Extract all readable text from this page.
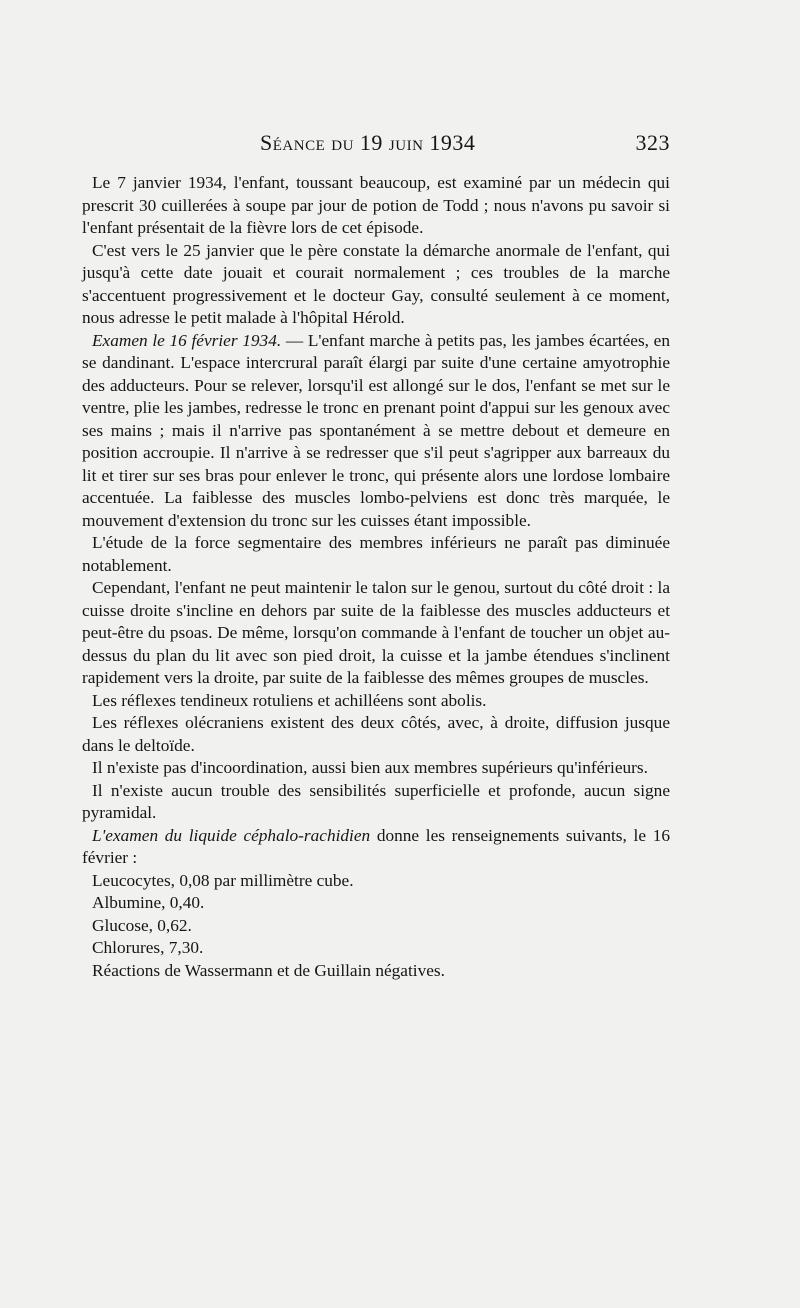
Séance du 19 juin 1934	323

Le 7 janvier 1934, l'enfant, toussant beaucoup, est examiné par un médecin qui prescrit 30 cuillerées à soupe par jour de potion de Todd ; nous n'avons pu savoir si l'enfant présentait de la fièvre lors de cet épisode.

C'est vers le 25 janvier que le père constate la démarche anormale de l'enfant, qui jusqu'à cette date jouait et courait normalement ; ces troubles de la marche s'accentuent progressivement et le docteur Gay, consulté seulement à ce moment, nous adresse le petit malade à l'hôpital Hérold.

Examen le 16 février 1934. — L'enfant marche à petits pas, les jambes écartées, en se dandinant. L'espace intercrural paraît élargi par suite d'une certaine amyotrophie des adducteurs. Pour se relever, lorsqu'il est allongé sur le dos, l'enfant se met sur le ventre, plie les jambes, redresse le tronc en prenant point d'appui sur les genoux avec ses mains ; mais il n'arrive pas spontanément à se mettre debout et demeure en position accroupie. Il n'arrive à se redresser que s'il peut s'agripper aux barreaux du lit et tirer sur ses bras pour enlever le tronc, qui présente alors une lordose lombaire accentuée. La faiblesse des muscles lombo-pelviens est donc très marquée, le mouvement d'extension du tronc sur les cuisses étant impossible.

L'étude de la force segmentaire des membres inférieurs ne paraît pas diminuée notablement.

Cependant, l'enfant ne peut maintenir le talon sur le genou, surtout du côté droit : la cuisse droite s'incline en dehors par suite de la faiblesse des muscles adducteurs et peut-être du psoas. De même, lorsqu'on commande à l'enfant de toucher un objet au-dessus du plan du lit avec son pied droit, la cuisse et la jambe étendues s'inclinent rapidement vers la droite, par suite de la faiblesse des mêmes groupes de muscles.

Les réflexes tendineux rotuliens et achilléens sont abolis.

Les réflexes olécraniens existent des deux côtés, avec, à droite, diffusion jusque dans le deltoïde.

Il n'existe pas d'incoordination, aussi bien aux membres supérieurs qu'inférieurs.

Il n'existe aucun trouble des sensibilités superficielle et profonde, aucun signe pyramidal.

L'examen du liquide céphalo-rachidien donne les renseignements suivants, le 16 février :

Leucocytes, 0,08 par millimètre cube.

Albumine, 0,40.

Glucose, 0,62.

Chlorures, 7,30.

Réactions de Wassermann et de Guillain négatives.
